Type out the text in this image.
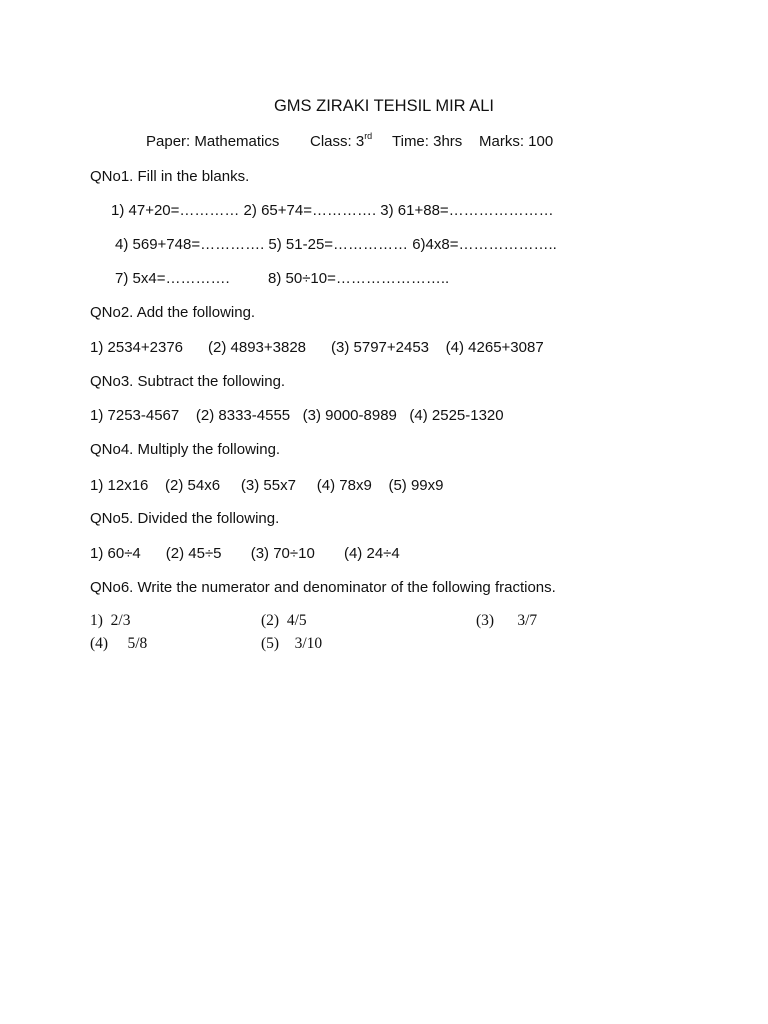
GMS ZIRAKI TEHSIL MIR ALI
Paper: Mathematics Class: 3rd Time: 3hrs Marks: 100
QNo1. Fill in the blanks.
1) 47+20=………… 2) 65+74=…………. 3) 61+88=…………………
4) 569+748=…………. 5) 51-25=…………… 6)4x8=………………..
7) 5x4=………….	8) 50÷10=…………………..
QNo2. Add the following.
1) 2534+2376      (2) 4893+3828      (3) 5797+2453    (4) 4265+3087
QNo3. Subtract the following.
1) 7253-4567    (2) 8333-4555   (3) 9000-8989   (4) 2525-1320
QNo4. Multiply the following.
1) 12x16    (2) 54x6     (3) 55x7     (4) 78x9    (5) 99x9
QNo5. Divided the following.
1) 60÷4      (2) 45÷5       (3) 70÷10       (4) 24÷4
QNo6. Write the numerator and denominator of the following fractions.
1)  2/3	(2)  4/5	(3)      3/7
(4)     5/8	(5)    3/10
